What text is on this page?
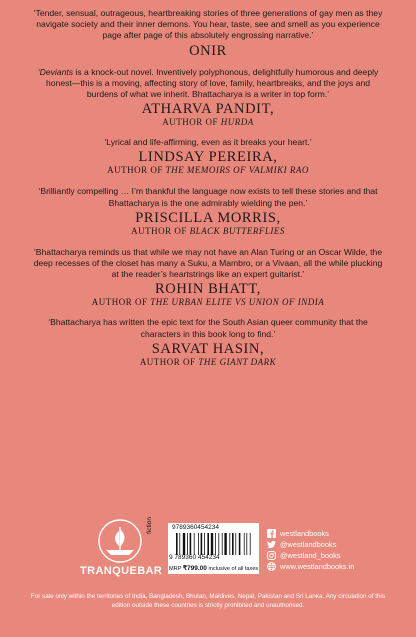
‘Tender, sensual, outrageous, heartbreaking stories of three generations of gay men as they navigate society and their inner demons. You hear, taste, see and smell as you experience page after page of this absolutely engrossing narrative.’

ONIR

‘Deviants is a knock-out novel. Inventively polyphonous, delightfully humorous and deeply honest—this is a moving, affecting story of love, family, heartbreaks, and the joys and burdens of what we inherit. Bhattacharya is a writer in top form.’

ATHARVA PANDIT,

AUTHOR OF HURDA

‘Lyrical and life-affirming, even as it breaks your heart.’

LINDSAY PEREIRA,

AUTHOR OF THE MEMOIRS OF VALMIKI RAO

‘Brilliantly compelling … I’m thankful the language now exists to tell these stories and that Bhattacharya is the one admirably wielding the pen.’

PRISCILLA MORRIS,

AUTHOR OF BLACK BUTTERFLIES

‘Bhattacharya reminds us that while we may not have an Alan Turing or an Oscar Wilde, the deep recesses of the closet has many a Suku, a Mambro, or a Vivaan, all the while plucking at the reader’s heartstrings like an expert guitarist.’

ROHIN BHATT,

AUTHOR OF THE URBAN ELITE VS UNION OF INDIA

‘Bhattacharya has written the epic text for the South Asian queer community that the characters in this book long to find.’

SARVAT HASIN,

AUTHOR OF THE GIANT DARK

TRANQUEBAR
fiction	9789360454234
9 789360 454234
MRP ₹799.00 inclusive of all taxes
westlandbooks
@westlandbooks
@westland_books
www.westlandbooks.in

For sale only within the territories of India, Bangladesh, Bhutan, Maldives, Nepal, Pakistan and Sri Lanka. Any circulation of this edition outside these countries is strictly prohibited and unauthorised.
